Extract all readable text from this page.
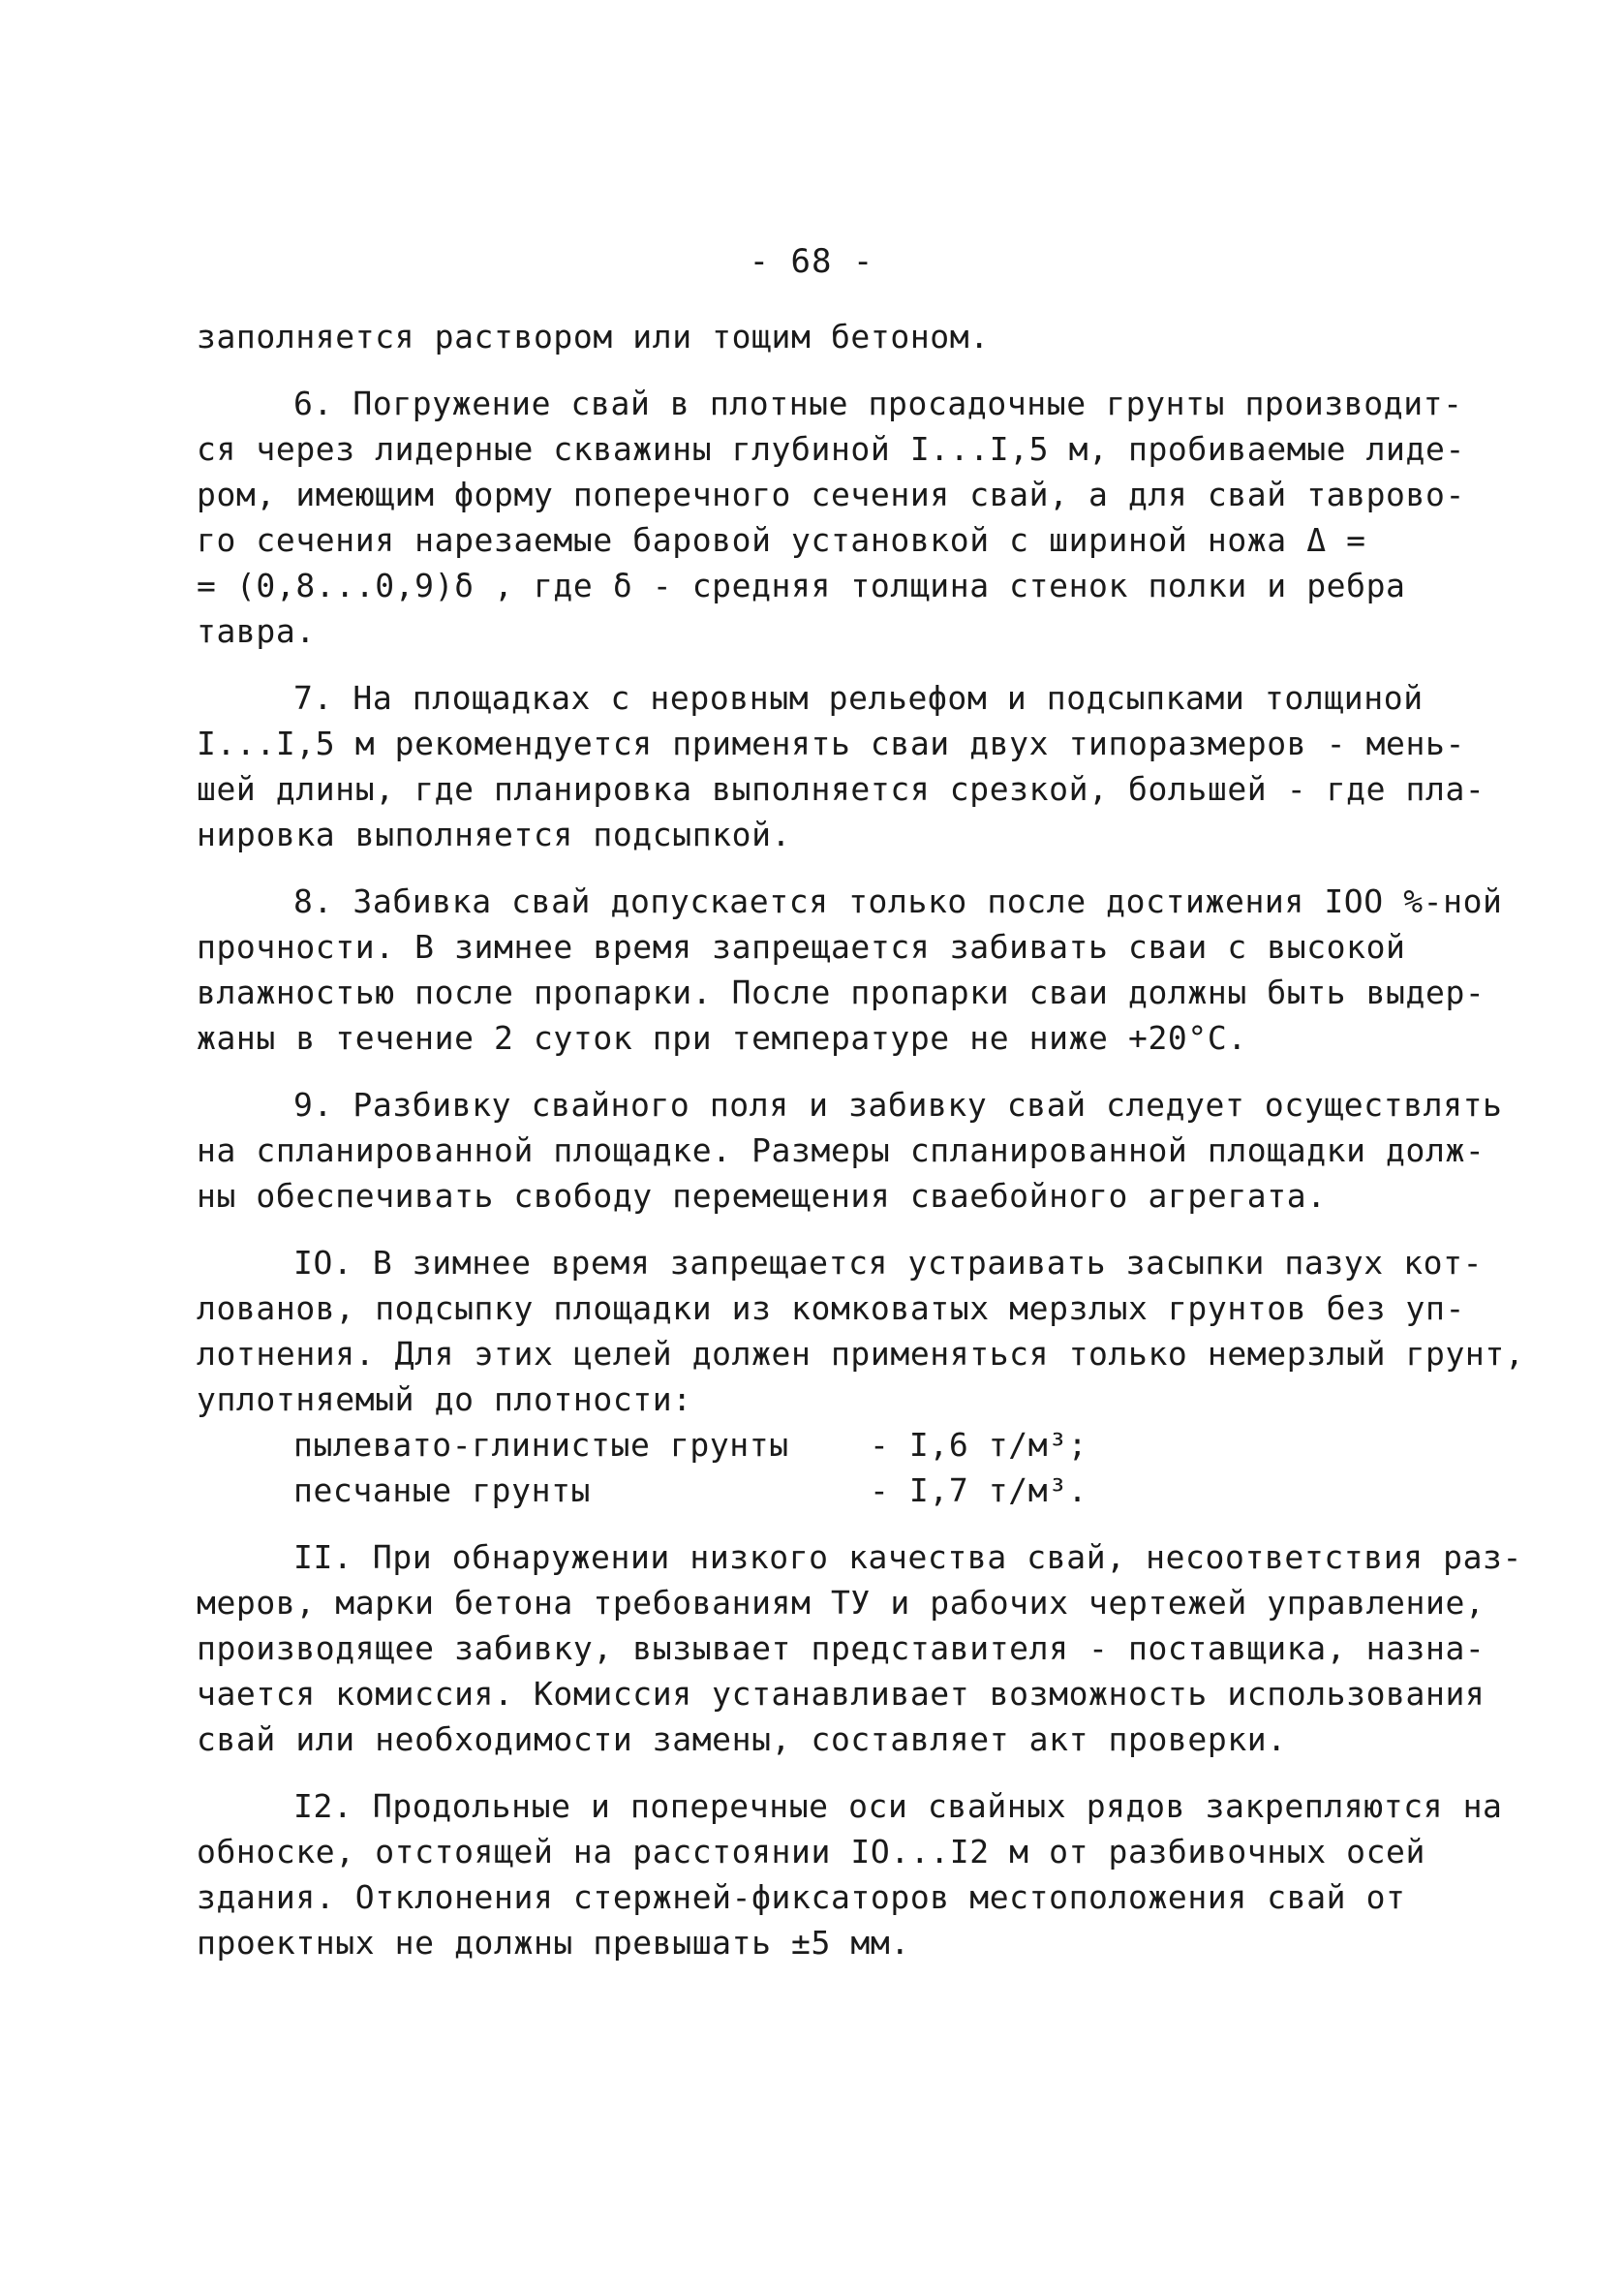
- 68 -
заполняется раствором или тощим бетоном.
6. Погружение свай в плотные просадочные грунты производит-
ся через лидерные скважины глубиной I...I,5 м, пробиваемые лиде-
ром, имеющим форму поперечного сечения свай, а для свай таврово-
го сечения нарезаемые баровой установкой с шириной ножа Δ =
= (0,8...0,9)δ , где δ - средняя толщина стенок полки и ребра
тавра.
7. На площадках с неровным рельефом и подсыпками толщиной
I...I,5 м рекомендуется применять сваи двух типоразмеров - мень-
шей длины, где планировка выполняется срезкой, большей - где пла-
нировка выполняется подсыпкой.
8. Забивка свай допускается только после достижения IOO %-ной
прочности. В зимнее время запрещается забивать сваи с высокой
влажностью после пропарки. После пропарки сваи должны быть выдер-
жаны в течение 2 суток при температуре не ниже +20°С.
9. Разбивку свайного поля и забивку свай следует осуществлять
на спланированной площадке. Размеры спланированной площадки долж-
ны обеспечивать свободу перемещения сваебойного агрегата.
IO. В зимнее время запрещается устраивать засыпки пазух кот-
лованов, подсыпку площадки из комковатых мерзлых грунтов без уп-
лотнения. Для этих целей должен применяться только немерзлый грунт,
уплотняемый до плотности:
пылевато-глинистые грунты	- I,6 т/м³;
песчаные грунты	- I,7 т/м³.
II. При обнаружении низкого качества свай, несоответствия раз-
меров, марки бетона требованиям ТУ и рабочих чертежей управление,
производящее забивку, вызывает представителя - поставщика, назна-
чается комиссия. Комиссия устанавливает возможность использования
свай или необходимости замены, составляет акт проверки.
I2. Продольные и поперечные оси свайных рядов закрепляются на
обноске, отстоящей на расстоянии IO...I2 м от разбивочных осей
здания. Отклонения стержней-фиксаторов местоположения свай от
проектных не должны превышать ±5 мм.
